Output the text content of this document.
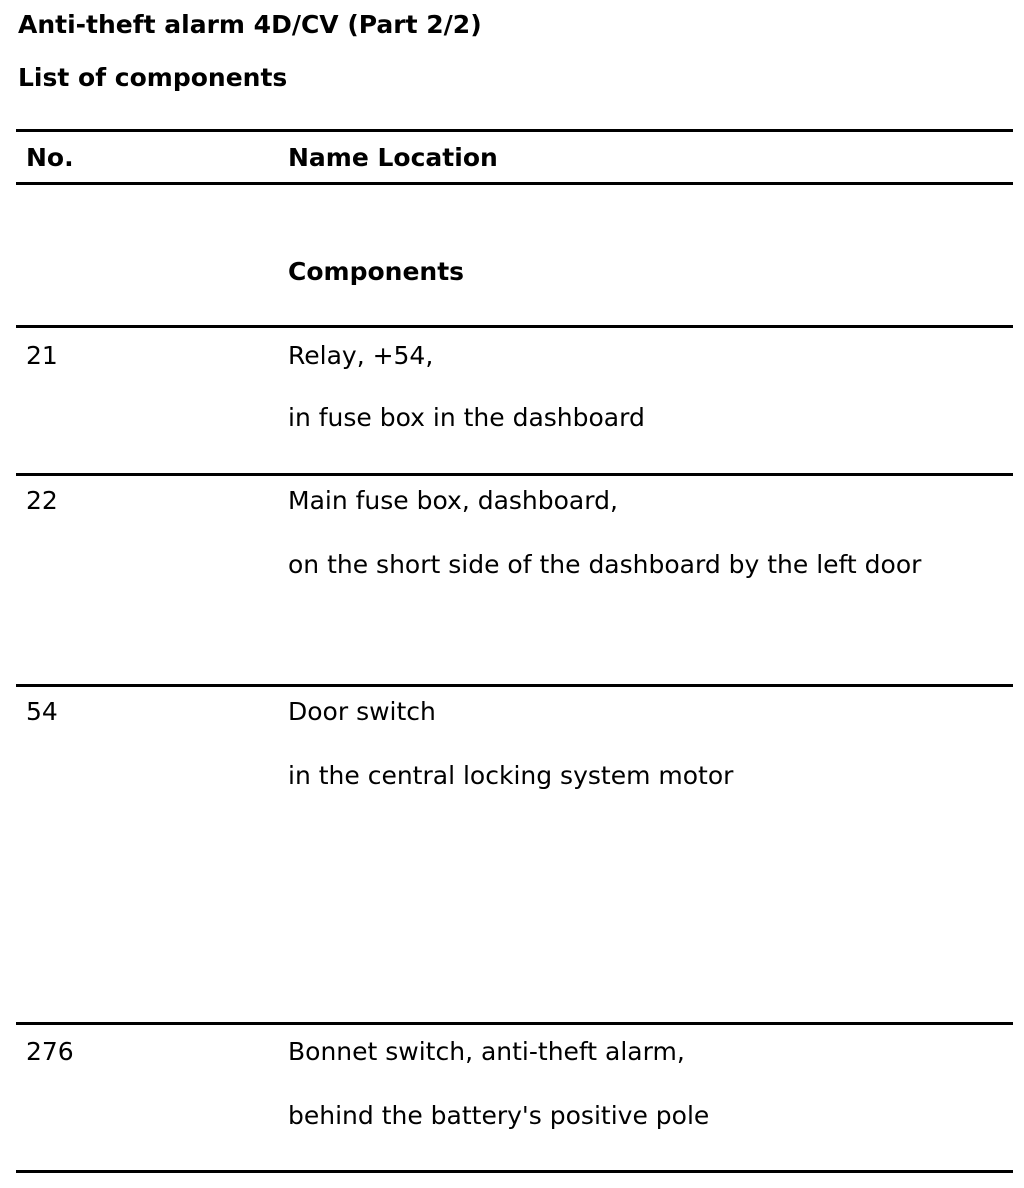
Anti-theft alarm 4D/CV (Part 2/2)
List of components
No.	Name Location
Components
21	Relay, +54,
in fuse box in the dashboard
22	Main fuse box, dashboard,
on the short side of the dashboard by the left door
54	Door switch
in the central locking system motor
276	Bonnet switch, anti-theft alarm,
behind the battery's positive pole
